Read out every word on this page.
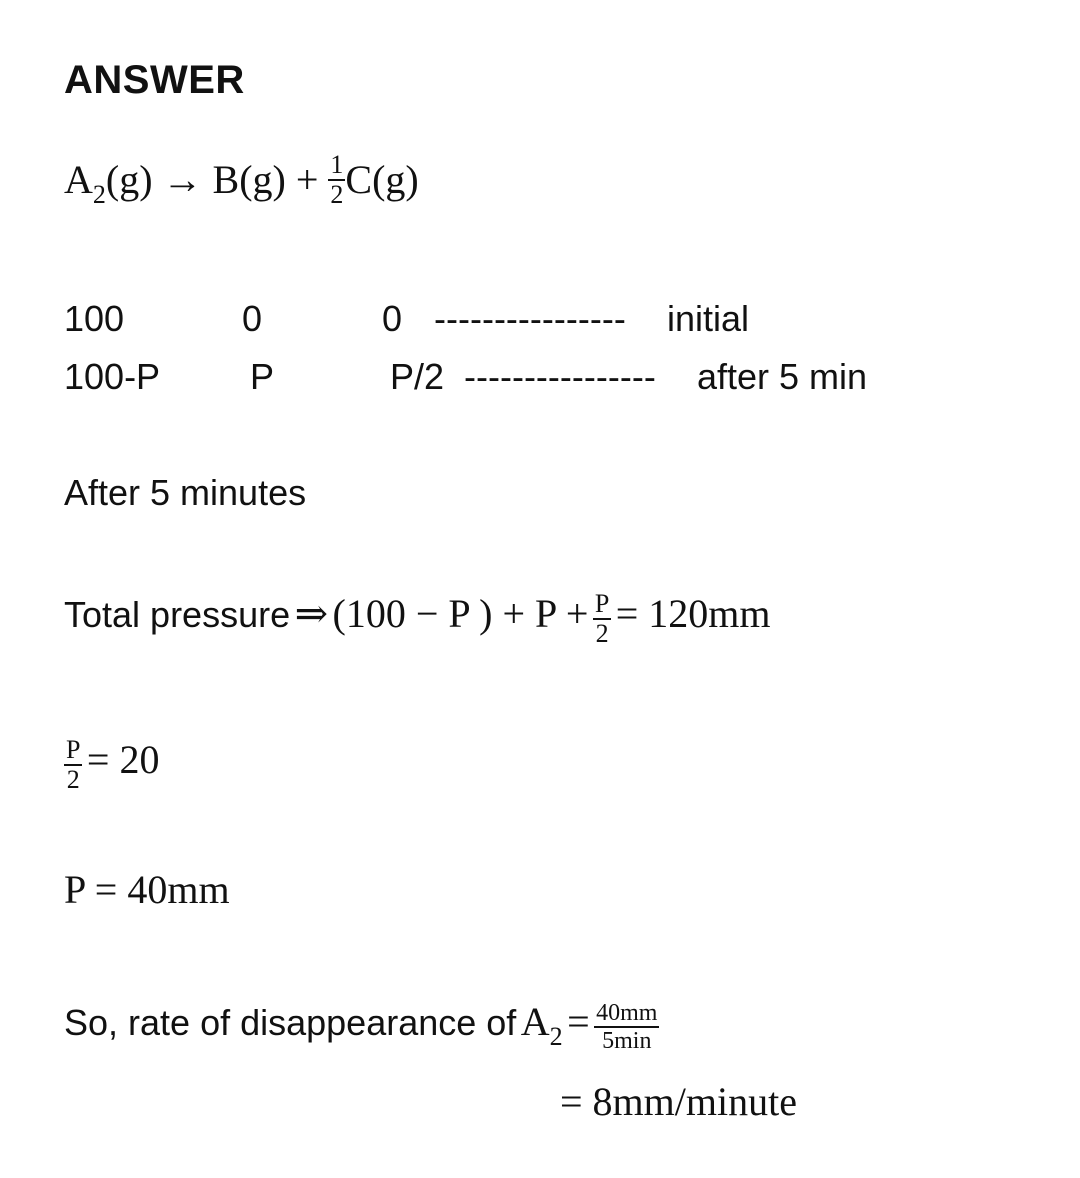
ANSWER
$A_2(g) \to B(g) + \frac{1}{2} C(g)$
100	0	0 ---------------- initial
100-P P	P/2 ---------------- after 5 min
After 5 minutes
Total pressure ⇒ (100 − P ) + $P + \frac{P}{2} = 120mm$
$\frac{P}{2} = 20$
P = 40mm
So, rate of disappearance of $A2 = \frac{40mm}{5\min}$
= 8mm/minute
